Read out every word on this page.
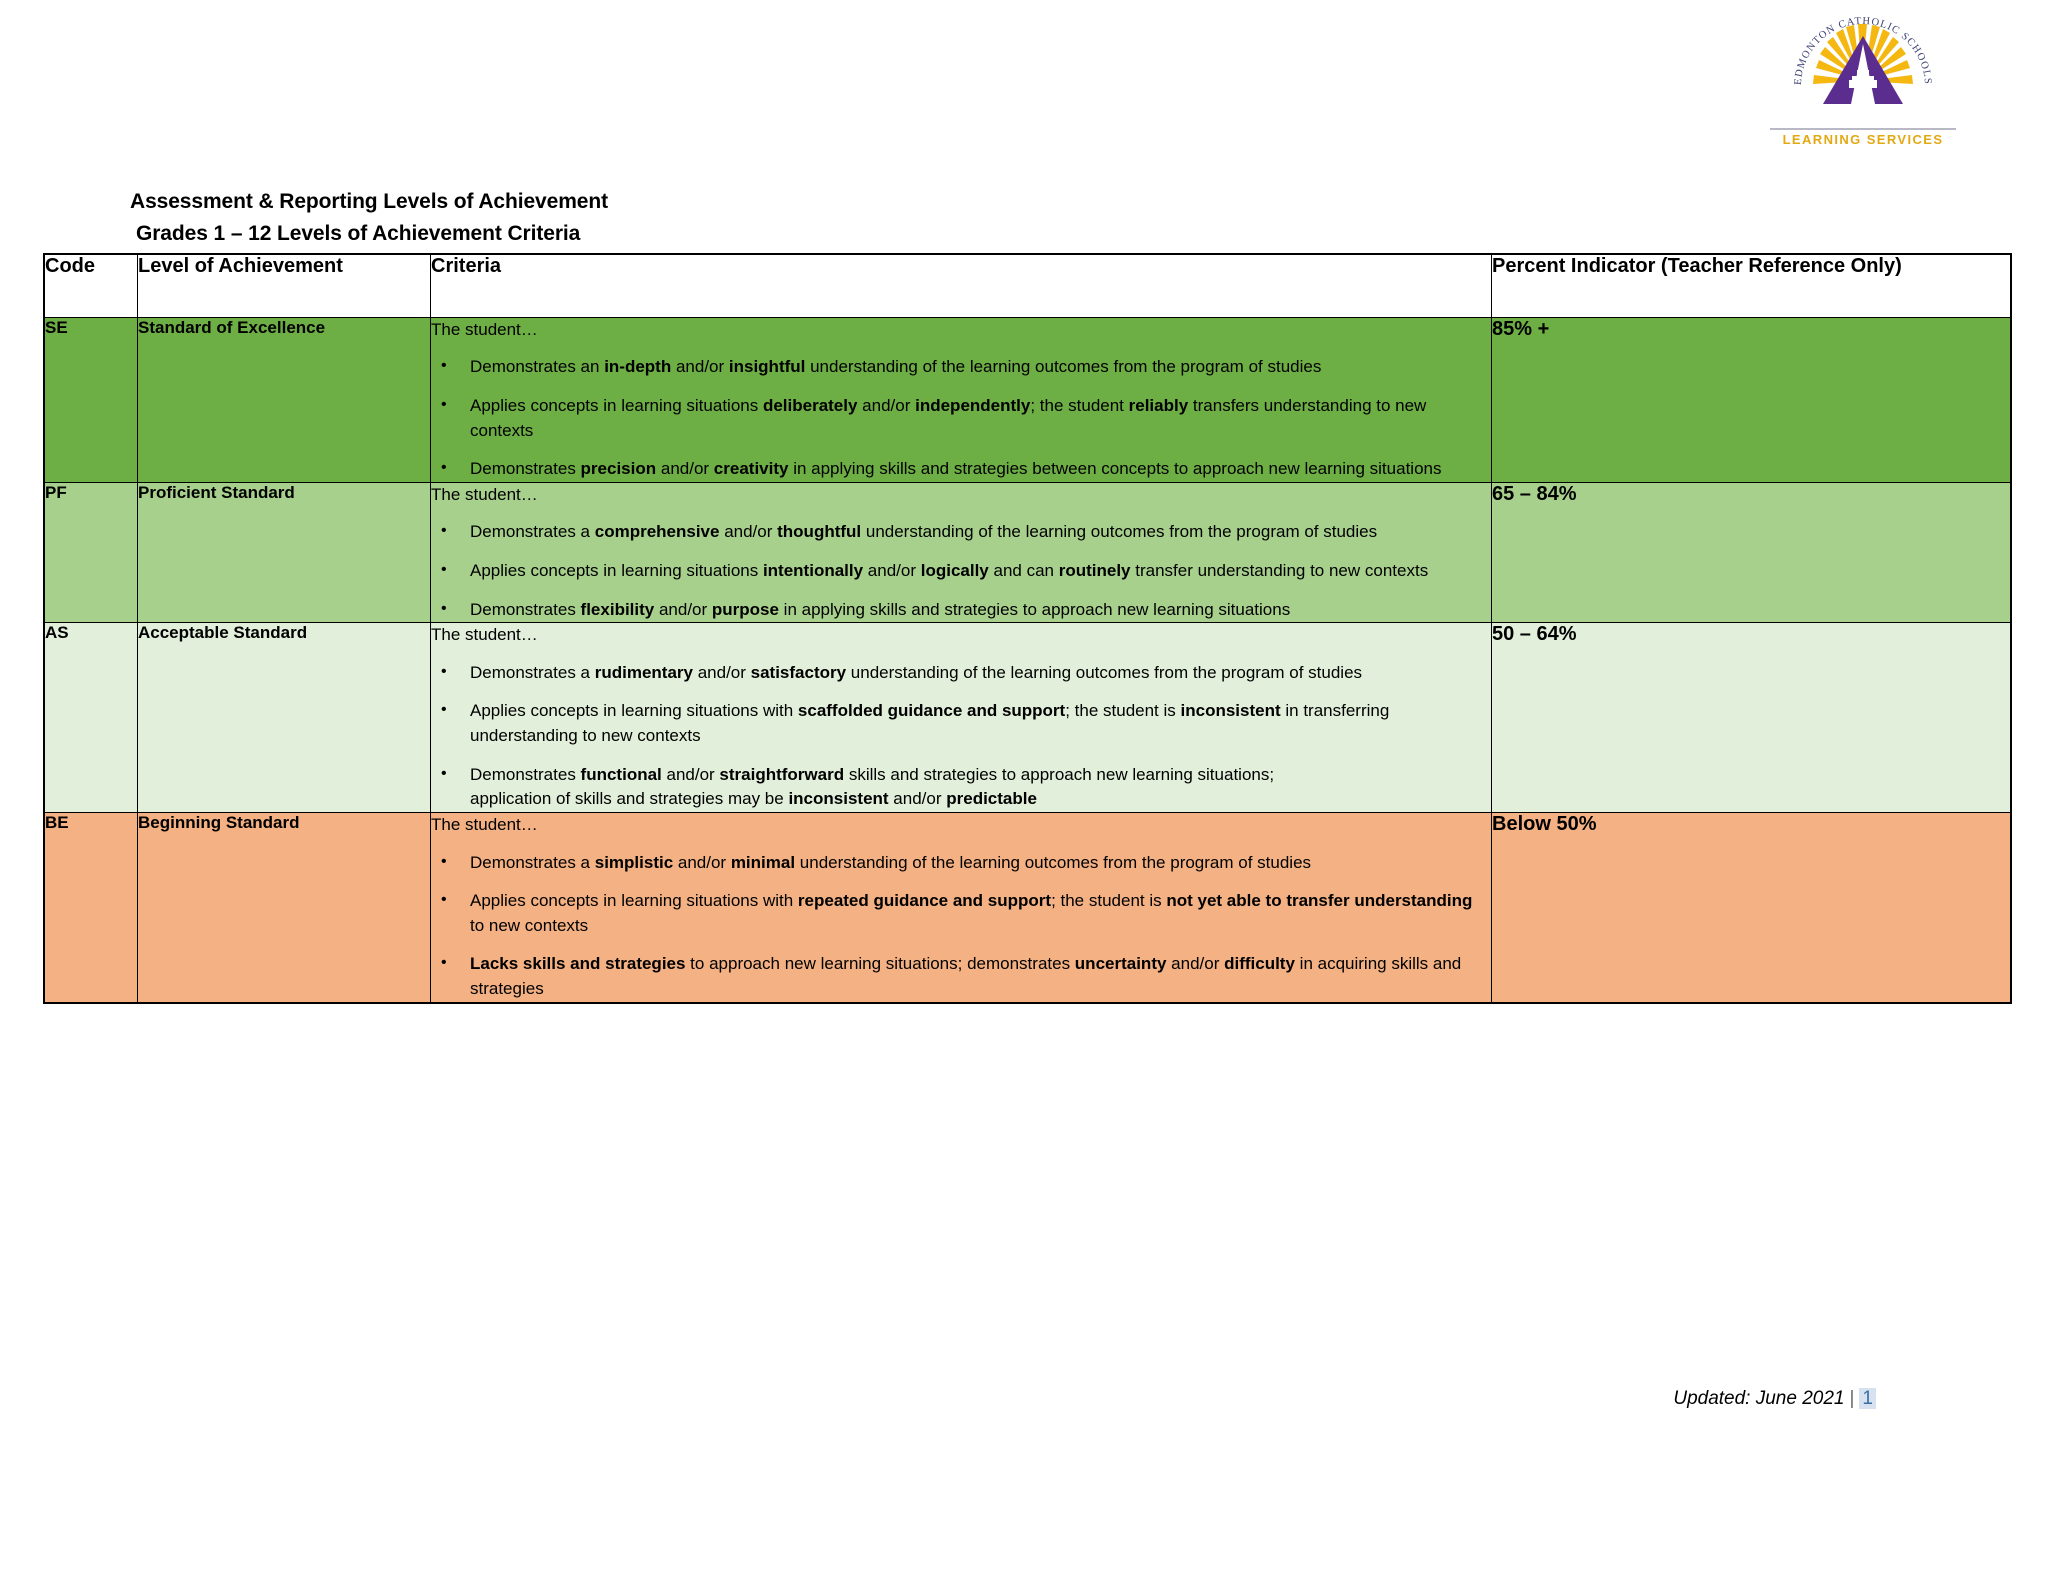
EDMONTON CATHOLIC SCHOOLS
LEARNING SERVICES
Assessment & Reporting Levels of Achievement
Grades 1 – 12 Levels of Achievement Criteria
Code	Level of Achievement	Criteria	Percent Indicator (Teacher Reference Only)
SE	Standard of Excellence	The student…

• Demonstrates an in-depth and/or insightful understanding of the learning outcomes from the program of studies
• Applies concepts in learning situations deliberately and/or independently; the student reliably transfers understanding to new contexts
• Demonstrates precision and/or creativity in applying skills and strategies between concepts to approach new learning situations
	85% +
PF	Proficient Standard	The student…

• Demonstrates a comprehensive and/or thoughtful understanding of the learning outcomes from the program of studies
• Applies concepts in learning situations intentionally and/or logically and can routinely transfer understanding to new contexts
• Demonstrates flexibility and/or purpose in applying skills and strategies to approach new learning situations
	65 – 84%
AS	Acceptable Standard	The student…

• Demonstrates a rudimentary and/or satisfactory understanding of the learning outcomes from the program of studies
• Applies concepts in learning situations with scaffolded guidance and support; the student is inconsistent in transferring understanding to new contexts
• Demonstrates functional and/or straightforward skills and strategies to approach new learning situations;
application of skills and strategies may be inconsistent and/or predictable
	50 – 64%
BE	Beginning Standard	The student…

• Demonstrates a simplistic and/or minimal understanding of the learning outcomes from the program of studies
• Applies concepts in learning situations with repeated guidance and support; the student is not yet able to transfer understanding to new contexts
• Lacks skills and strategies to approach new learning situations; demonstrates uncertainty and/or difficulty in acquiring skills and strategies
	Below 50%
Updated: June 2021 | 1
